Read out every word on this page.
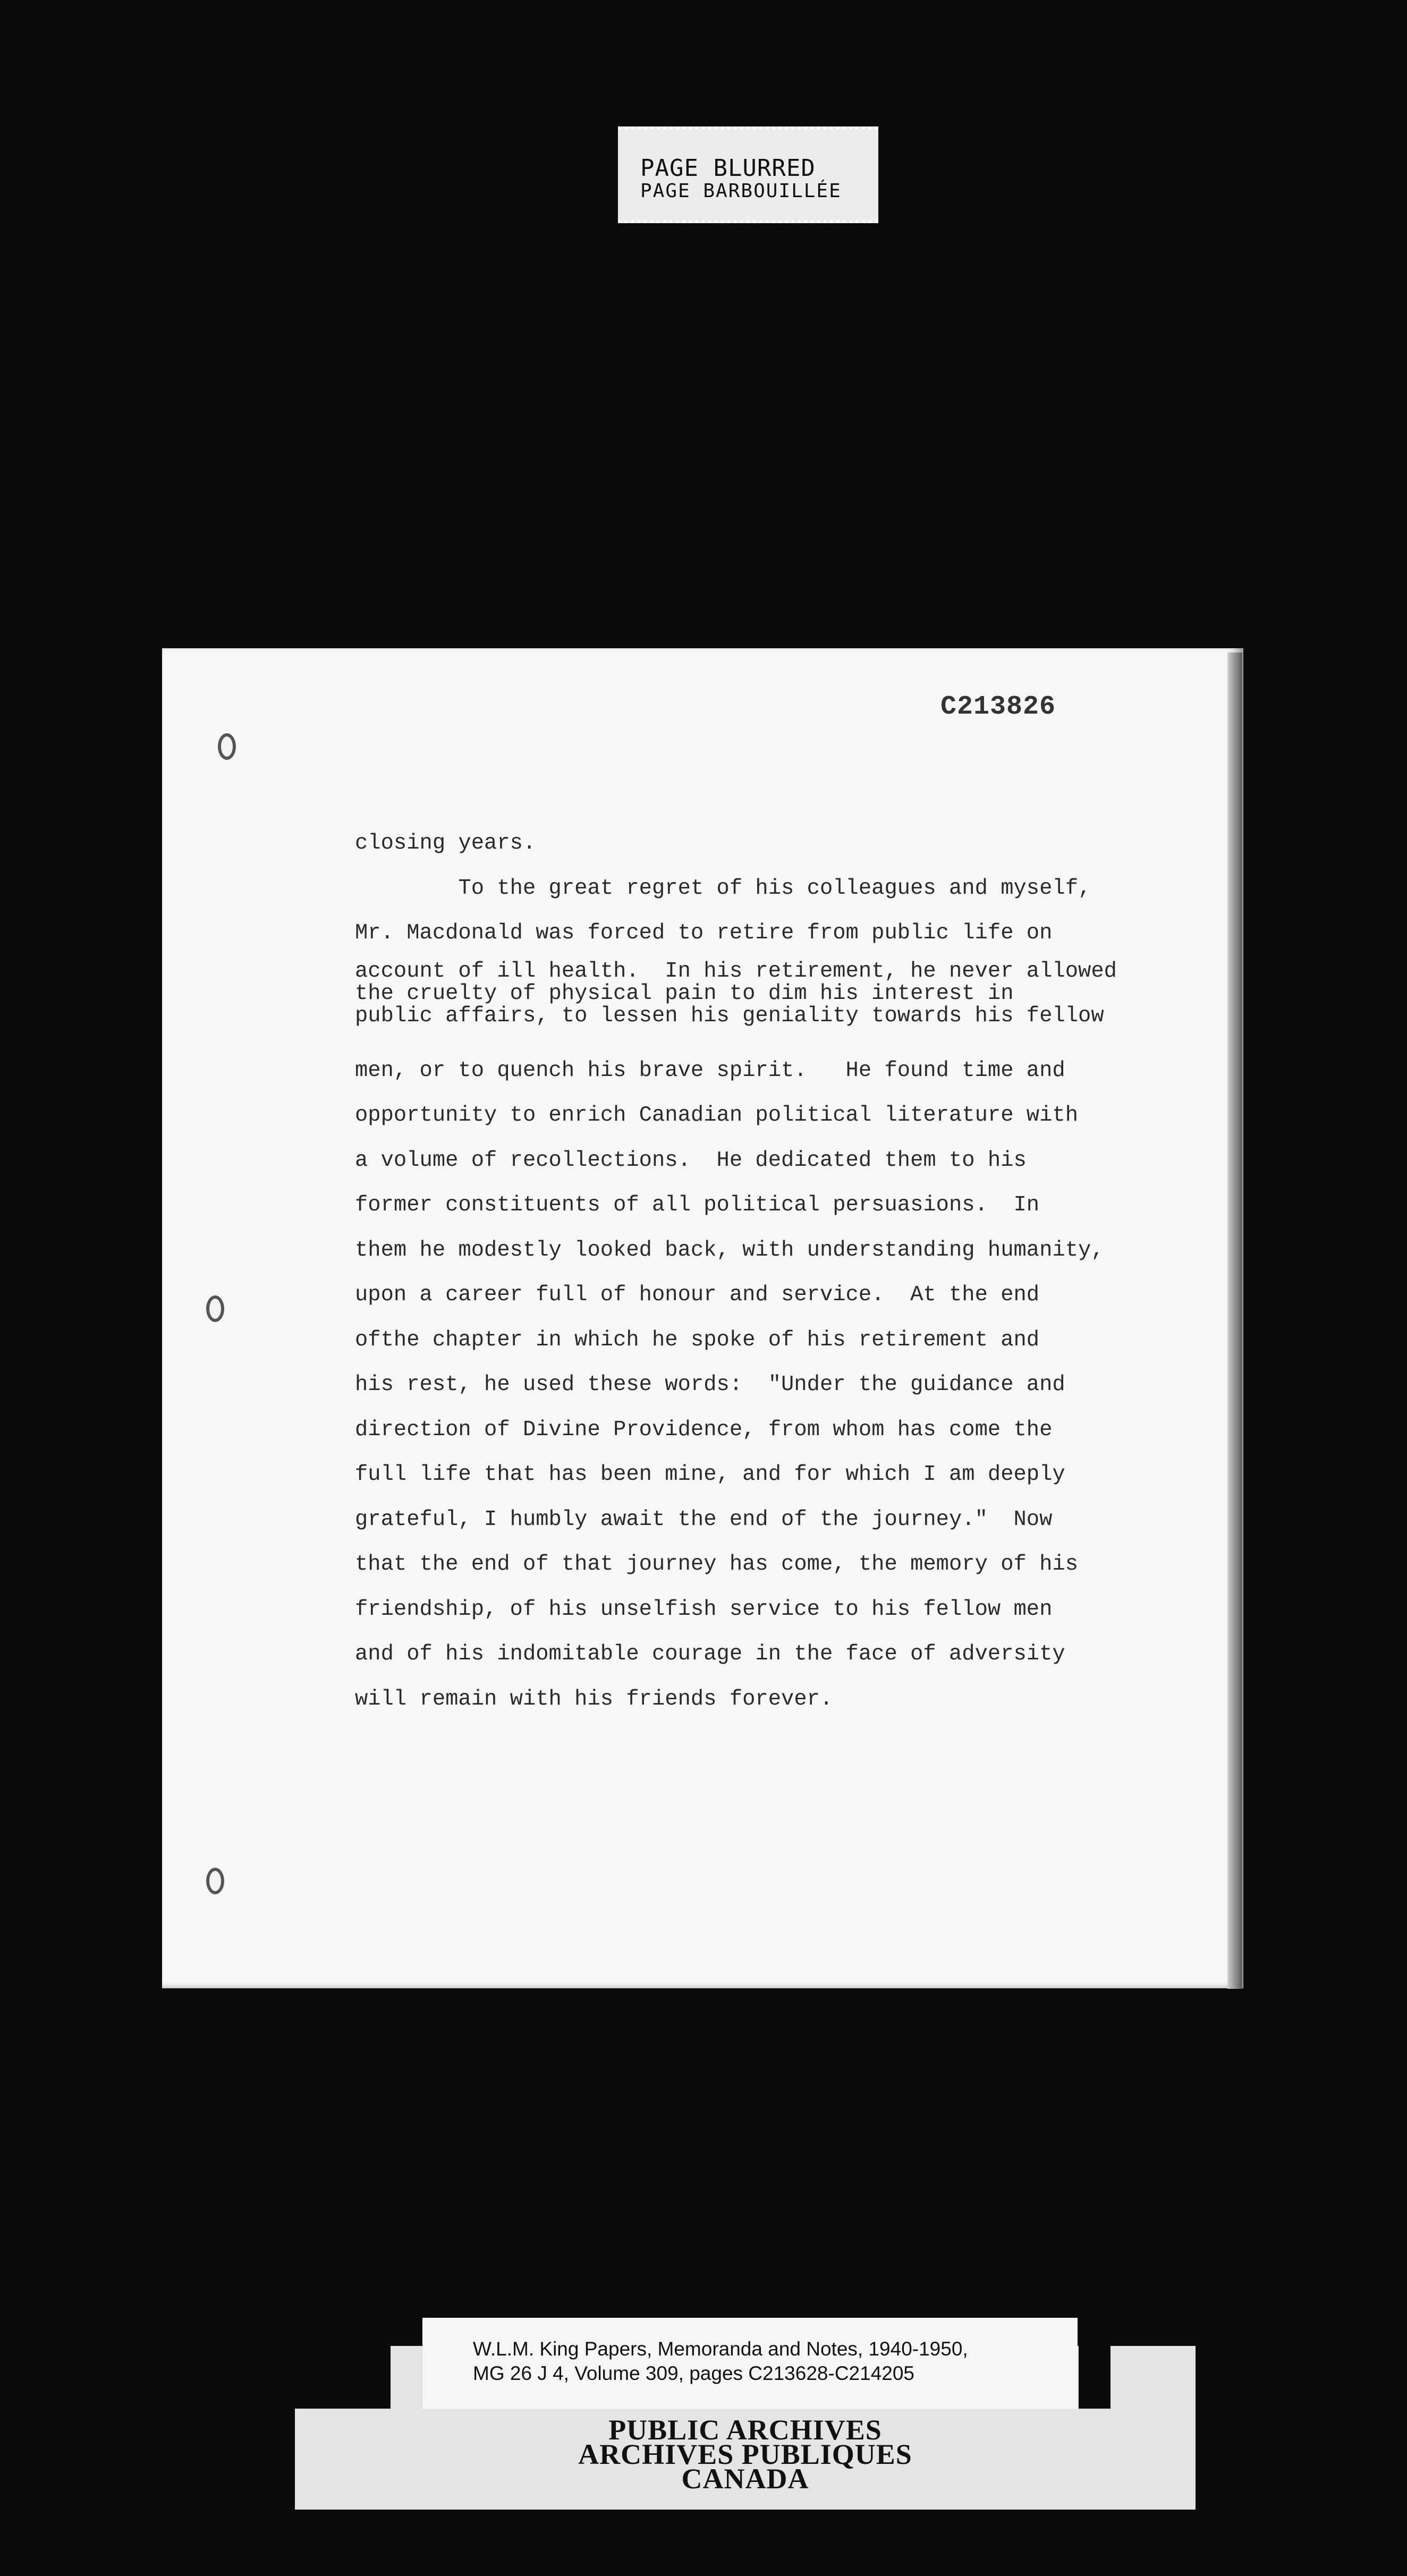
PAGE BLURRED
PAGE BARBOUILLÉE
C213826
closing years.
To the great regret of his colleagues and myself,
Mr. Macdonald was forced to retire from public life on
account of ill health.  In his retirement, he never allowed
the cruelty of physical pain to dim his interest in
public affairs, to lessen his geniality towards his fellow
men, or to quench his brave spirit.   He found time and
opportunity to enrich Canadian political literature with
a volume of recollections.  He dedicated them to his
former constituents of all political persuasions.  In
them he modestly looked back, with understanding humanity,
upon a career full of honour and service.  At the end
ofthe chapter in which he spoke of his retirement and
his rest, he used these words:  "Under the guidance and
direction of Divine Providence, from whom has come the
full life that has been mine, and for which I am deeply
grateful, I humbly await the end of the journey."  Now
that the end of that journey has come, the memory of his
friendship, of his unselfish service to his fellow men
and of his indomitable courage in the face of adversity
will remain with his friends forever.
W.L.M. King Papers, Memoranda and Notes, 1940-1950,
MG 26 J 4, Volume 309, pages C213628-C214205
PUBLIC ARCHIVES
ARCHIVES PUBLIQUES
CANADA
